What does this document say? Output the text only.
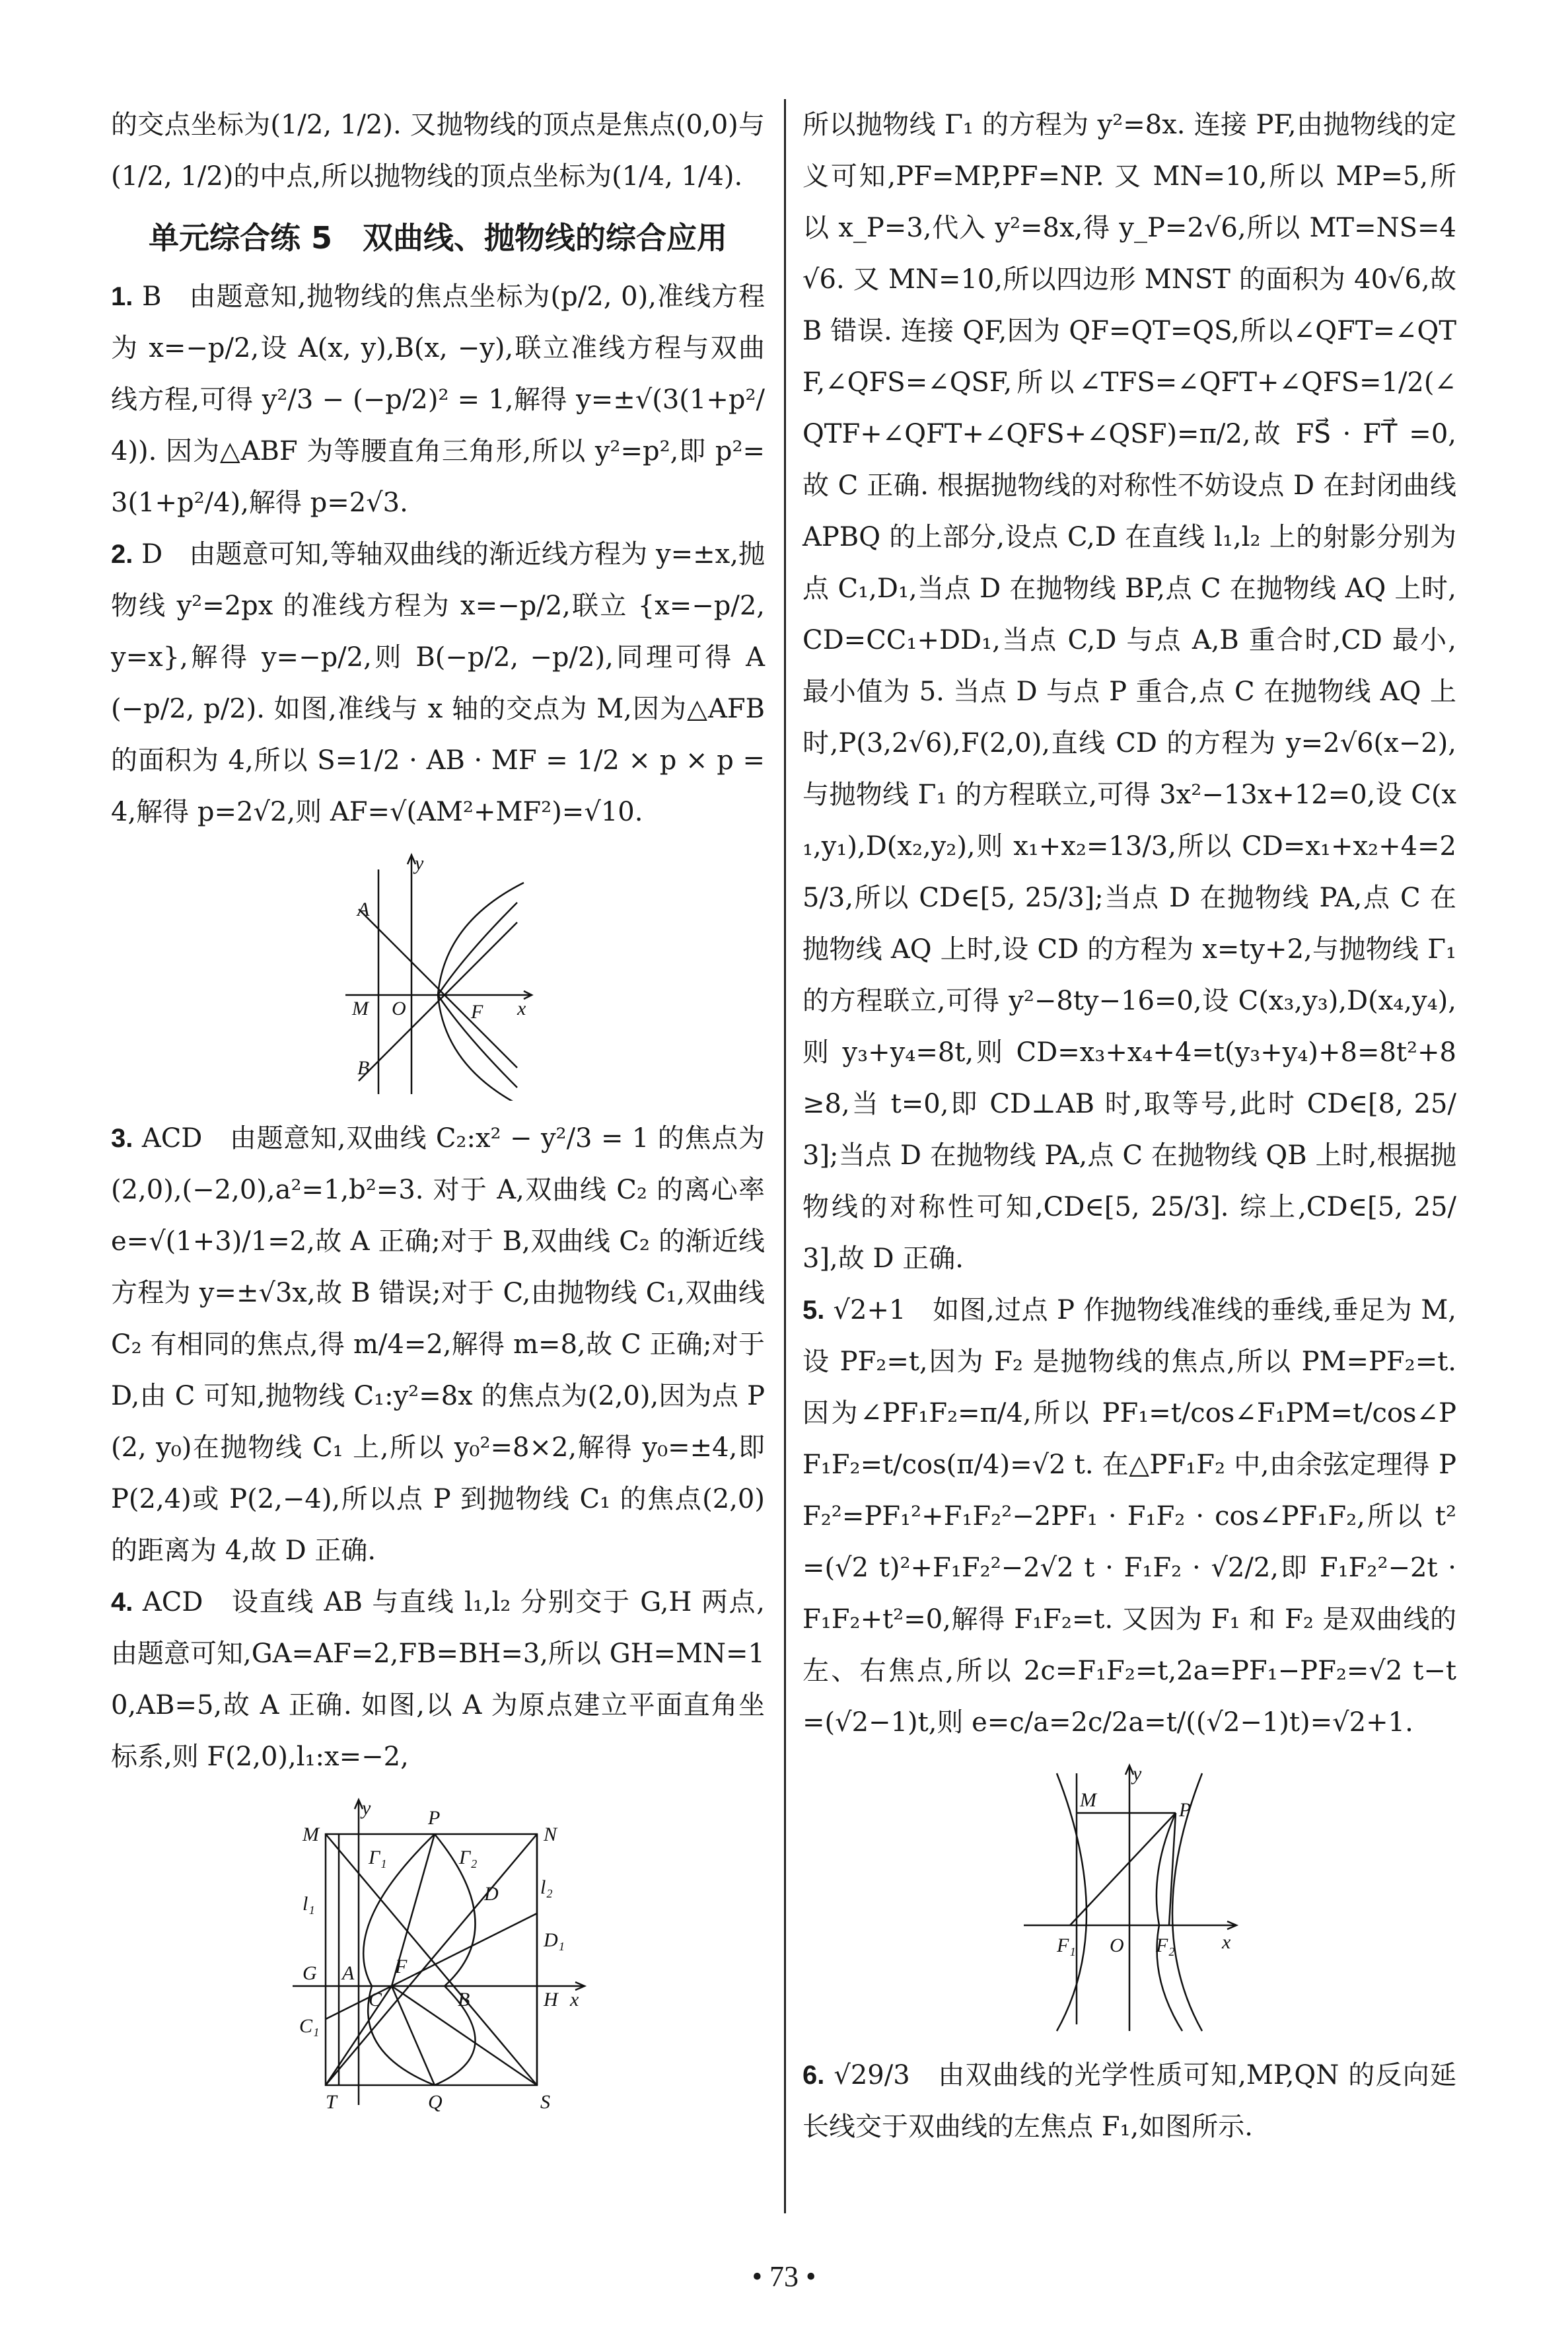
的交点坐标为(1/2, 1/2). 又抛物线的顶点是焦点(0,0)与(1/2, 1/2)的中点,所以抛物线的顶点坐标为(1/4, 1/4).

单元综合练 5　双曲线、抛物线的综合应用

1. B　由题意知,抛物线的焦点坐标为(p/2, 0),准线方程为 x=−p/2,设 A(x, y),B(x, −y),联立准线方程与双曲线方程,可得 y²/3 − (−p/2)² = 1,解得 y=±√(3(1+p²/4)). 因为△ABF 为等腰直角三角形,所以 y²=p²,即 p²=3(1+p²/4),解得 p=2√3.

2. D　由题意可知,等轴双曲线的渐近线方程为 y=±x,抛物线 y²=2px 的准线方程为 x=−p/2,联立 {x=−p/2, y=x},解得 y=−p/2,则 B(−p/2, −p/2),同理可得 A(−p/2, p/2). 如图,准线与 x 轴的交点为 M,因为△AFB 的面积为 4,所以 S=1/2 · AB · MF = 1/2 × p × p = 4,解得 p=2√2,则 AF=√(AM²+MF²)=√10.

y
x
A
B
M O	F

3. ACD　由题意知,双曲线 C₂:x² − y²/3 = 1 的焦点为(2,0),(−2,0),a²=1,b²=3. 对于 A,双曲线 C₂ 的离心率 e=√(1+3)/1=2,故 A 正确;对于 B,双曲线 C₂ 的渐近线方程为 y=±√3x,故 B 错误;对于 C,由抛物线 C₁,双曲线 C₂ 有相同的焦点,得 m/4=2,解得 m=8,故 C 正确;对于 D,由 C 可知,抛物线 C₁:y²=8x 的焦点为(2,0),因为点 P(2, y₀)在抛物线 C₁ 上,所以 y₀²=8×2,解得 y₀=±4,即 P(2,4)或 P(2,−4),所以点 P 到抛物线 C₁ 的焦点(2,0)的距离为 4,故 D 正确.

4. ACD　设直线 AB 与直线 l₁,l₂ 分别交于 G,H 两点,由题意可知,GA=AF=2,FB=BH=3,所以 GH=MN=10,AB=5,故 A 正确. 如图,以 A 为原点建立平面直角坐标系,则 F(2,0),l₁:x=−2,

y
x
M
P
N
Γ₁	Γ₂
D
l₁
l₂
D₁
G A F
C	H
C₁
B
T	Q	S

所以抛物线 Γ₁ 的方程为 y²=8x. 连接 PF,由抛物线的定义可知,PF=MP,PF=NP. 又 MN=10,所以 MP=5,所以 x_P=3,代入 y²=8x,得 y_P=2√6,所以 MT=NS=4√6. 又 MN=10,所以四边形 MNST 的面积为 40√6,故 B 错误. 连接 QF,因为 QF=QT=QS,所以∠QFT=∠QTF,∠QFS=∠QSF,所以∠TFS=∠QFT+∠QFS=1/2(∠QTF+∠QFT+∠QFS+∠QSF)=π/2,故 FS⃗ · FT⃗ =0,故 C 正确. 根据抛物线的对称性不妨设点 D 在封闭曲线 APBQ 的上部分,设点 C,D 在直线 l₁,l₂ 上的射影分别为点 C₁,D₁,当点 D 在抛物线 BP,点 C 在抛物线 AQ 上时,CD=CC₁+DD₁,当点 C,D 与点 A,B 重合时,CD 最小,最小值为 5. 当点 D 与点 P 重合,点 C 在抛物线 AQ 上时,P(3,2√6),F(2,0),直线 CD 的方程为 y=2√6(x−2),与抛物线 Γ₁ 的方程联立,可得 3x²−13x+12=0,设 C(x₁,y₁),D(x₂,y₂),则 x₁+x₂=13/3,所以 CD=x₁+x₂+4=25/3,所以 CD∈[5, 25/3];当点 D 在抛物线 PA,点 C 在抛物线 AQ 上时,设 CD 的方程为 x=ty+2,与抛物线 Γ₁ 的方程联立,可得 y²−8ty−16=0,设 C(x₃,y₃),D(x₄,y₄),则 y₃+y₄=8t,则 CD=x₃+x₄+4=t(y₃+y₄)+8=8t²+8≥8,当 t=0,即 CD⊥AB 时,取等号,此时 CD∈[8, 25/3];当点 D 在抛物线 PA,点 C 在抛物线 QB 上时,根据抛物线的对称性可知,CD∈[5, 25/3]. 综上,CD∈[5, 25/3],故 D 正确.

5. √2+1　如图,过点 P 作抛物线准线的垂线,垂足为 M,设 PF₂=t,因为 F₂ 是抛物线的焦点,所以 PM=PF₂=t. 因为∠PF₁F₂=π/4,所以 PF₁=t/cos∠F₁PM=t/cos∠PF₁F₂=t/cos(π/4)=√2 t. 在△PF₁F₂ 中,由余弦定理得 PF₂²=PF₁²+F₁F₂²−2PF₁ · F₁F₂ · cos∠PF₁F₂,所以 t²=(√2 t)²+F₁F₂²−2√2 t · F₁F₂ · √2/2,即 F₁F₂²−2t · F₁F₂+t²=0,解得 F₁F₂=t. 又因为 F₁ 和 F₂ 是双曲线的左、右焦点,所以 2c=F₁F₂=t,2a=PF₁−PF₂=√2 t−t=(√2−1)t,则 e=c/a=2c/2a=t/((√2−1)t)=√2+1.

y
x
M	P
F₁ O F₂

6. √29/3　由双曲线的光学性质可知,MP,QN 的反向延长线交于双曲线的左焦点 F₁,如图所示.

• 73 •
